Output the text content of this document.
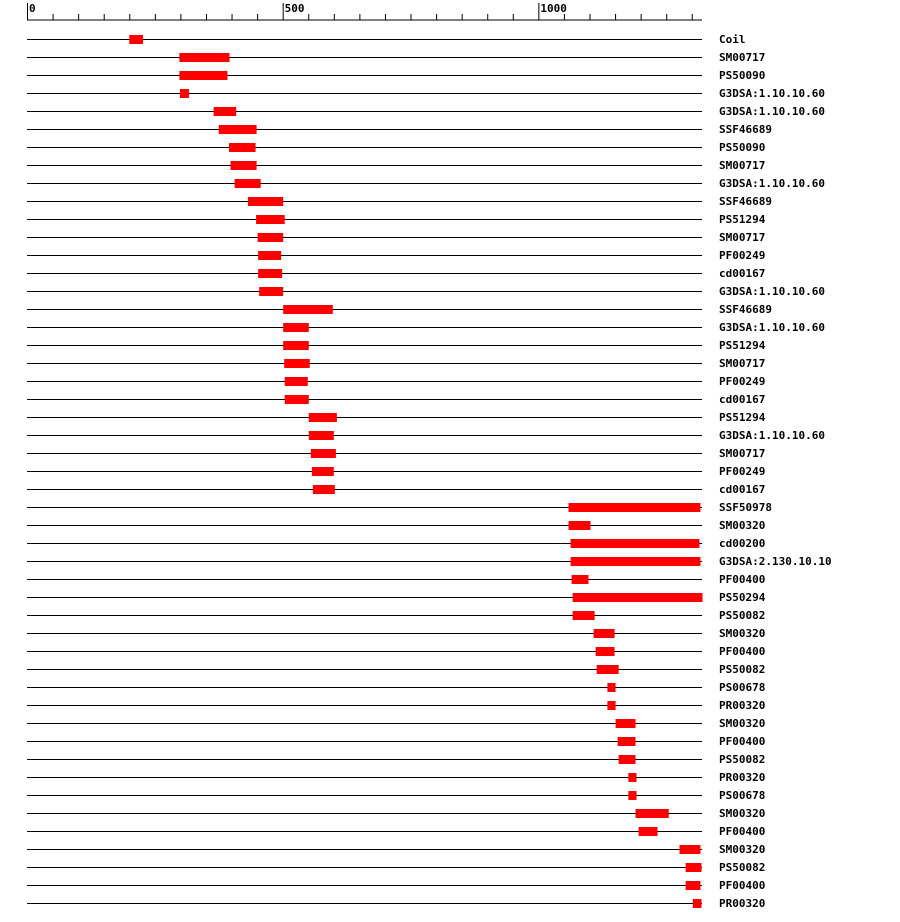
0	500	1000
Coil
SM00717
PS50090
G3DSA:1.10.10.60
G3DSA:1.10.10.60
SSF46689
PS50090
SM00717
G3DSA:1.10.10.60
SSF46689
PS51294
SM00717
PF00249
cd00167
G3DSA:1.10.10.60
SSF46689
G3DSA:1.10.10.60
PS51294
SM00717
PF00249
cd00167
PS51294
G3DSA:1.10.10.60
SM00717
PF00249
cd00167
SSF50978
SM00320
cd00200
G3DSA:2.130.10.10
PF00400
PS50294
PS50082
SM00320
PF00400
PS50082
PS00678
PR00320
SM00320
PF00400
PS50082
PR00320
PS00678
SM00320
PF00400
SM00320
PS50082
PF00400
PR00320
